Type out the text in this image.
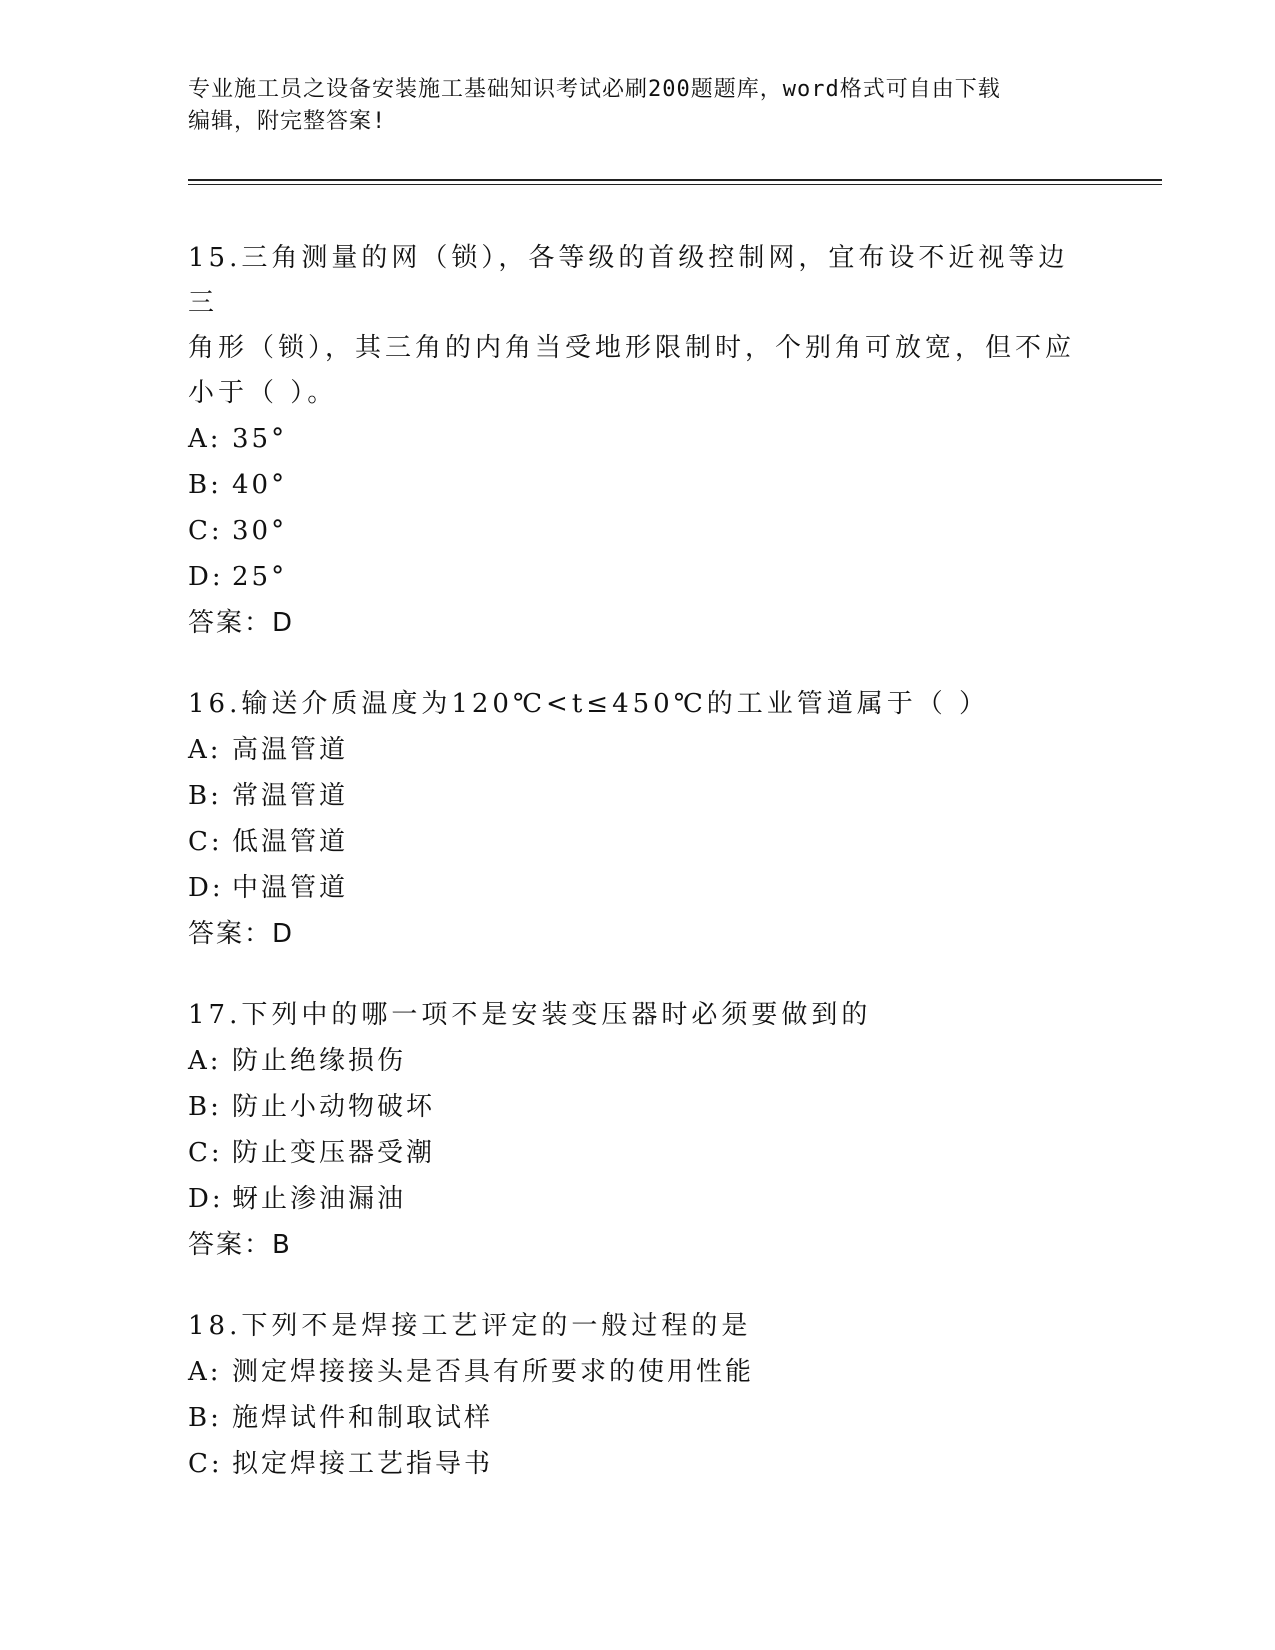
专业施工员之设备安装施工基础知识考试必刷200题题库，word格式可自由下载
编辑，附完整答案!

15.三角测量的网（锁），各等级的首级控制网，宜布设不近视等边三

角形（锁），其三角的内角当受地形限制时，个别角可放宽，但不应

小于（ ）。

A: 35°

B: 40°

C: 30°

D: 25°

答案：D

16.输送介质温度为120℃<t≤450℃的工业管道属于（ ）

A: 高温管道

B: 常温管道

C: 低温管道

D: 中温管道

答案：D

17.下列中的哪一项不是安装变压器时必须要做到的

A: 防止绝缘损伤

B: 防止小动物破坏

C: 防止变压器受潮

D: 蚜止渗油漏油

答案：B

18.下列不是焊接工艺评定的一般过程的是

A: 测定焊接接头是否具有所要求的使用性能

B: 施焊试件和制取试样

C: 拟定焊接工艺指导书
